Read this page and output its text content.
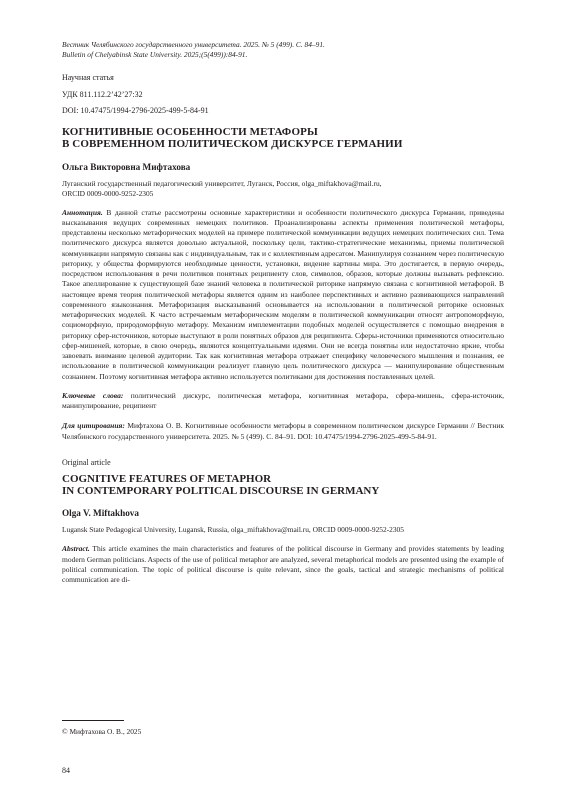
Вестник Челябинского государственного университета. 2025. № 5 (499). С. 84–91.
Bulletin of Chelyabinsk State University. 2025;(5(499)):84-91.
Научная статья
УДК 811.112.2’42’27:32
DOI: 10.47475/1994-2796-2025-499-5-84-91
КОГНИТИВНЫЕ ОСОБЕННОСТИ МЕТАФОРЫ
В СОВРЕМЕННОМ ПОЛИТИЧЕСКОМ ДИСКУРСЕ ГЕРМАНИИ
Ольга Викторовна Мифтахова
Луганский государственный педагогический университет, Луганск, Россия, olga_miftakhova@mail.ru,
ORCID 0009-0000-9252-2305
Аннотация. В данной статье рассмотрены основные характеристики и особенности политического дискурса Германии, приведены высказывания ведущих современных немецких политиков. Проанализированы аспекты применения политической метафоры, представлены несколько метафорических моделей на примере политической коммуникации ведущих немецких политических сил. Тема политического дискурса является довольно актуальной, поскольку цели, тактико-стратегические механизмы, приемы политической коммуникации напрямую связаны как с индивидуальным, так и с коллективным адресатом. Манипулируя сознанием через политическую риторику, у общества формируются необходимые ценности, установки, видение картины мира. Это достигается, в первую очередь, посредством использования в речи политиков понятных реципиенту слов, символов, образов, которые должны вызывать рефлексию. Такое апеллирование к существующей базе знаний человека в политической риторике напрямую связана с когнитивной метафорой. В настоящее время теория политической метафоры является одним из наиболее перспективных и активно развивающихся направлений современного языкознания. Метафоризация высказываний основывается на использовании в политической риторике основных метафорических моделей. К часто встречаемым метафорическим моделям в политической коммуникации относят антропоморфную, социоморфную, природоморфную метафору. Механизм имплементации подобных моделей осуществляется с помощью внедрения в риторику сфер-источников, которые выступают в роли понятных образов для реципиента. Сферы-источники применяются относительно сфер-мишеней, которые, в свою очередь, являются концептуальными идеями. Они не всегда понятны или недостаточно яркие, чтобы завоевать внимание целевой аудитории. Так как когнитивная метафора отражает специфику человеческого мышления и познания, ее использование в политической коммуникации реализует главную цель политического дискурса — манипулирование общественным сознанием. Поэтому когнитивная метафора активно используется политиками для достижения поставленных целей.
Ключевые слова: политический дискурс, политическая метафора, когнитивная метафора, сфера-мишень, сфера-источник, манипулирование, реципиент
Для цитирования: Мифтахова О. В. Когнитивные особенности метафоры в современном политическом дискурсе Германии // Вестник Челябинского государственного университета. 2025. № 5 (499). С. 84–91. DOI: 10.47475/1994-2796-2025-499-5-84-91.
Original article
COGNITIVE FEATURES OF METAPHOR
IN CONTEMPORARY POLITICAL DISCOURSE IN GERMANY
Olga V. Miftakhova
Lugansk State Pedagogical University, Lugansk, Russia, olga_miftakhova@mail.ru, ORCID 0009-0000-9252-2305
Abstract. This article examines the main characteristics and features of the political discourse in Germany and provides statements by leading modern German politicians. Aspects of the use of political metaphor are analyzed, several metaphorical models are presented using the example of political communication. The topic of political discourse is quite relevant, since the goals, tactical and strategic mechanisms of political communication are di-
© Мифтахова О. В., 2025
84
